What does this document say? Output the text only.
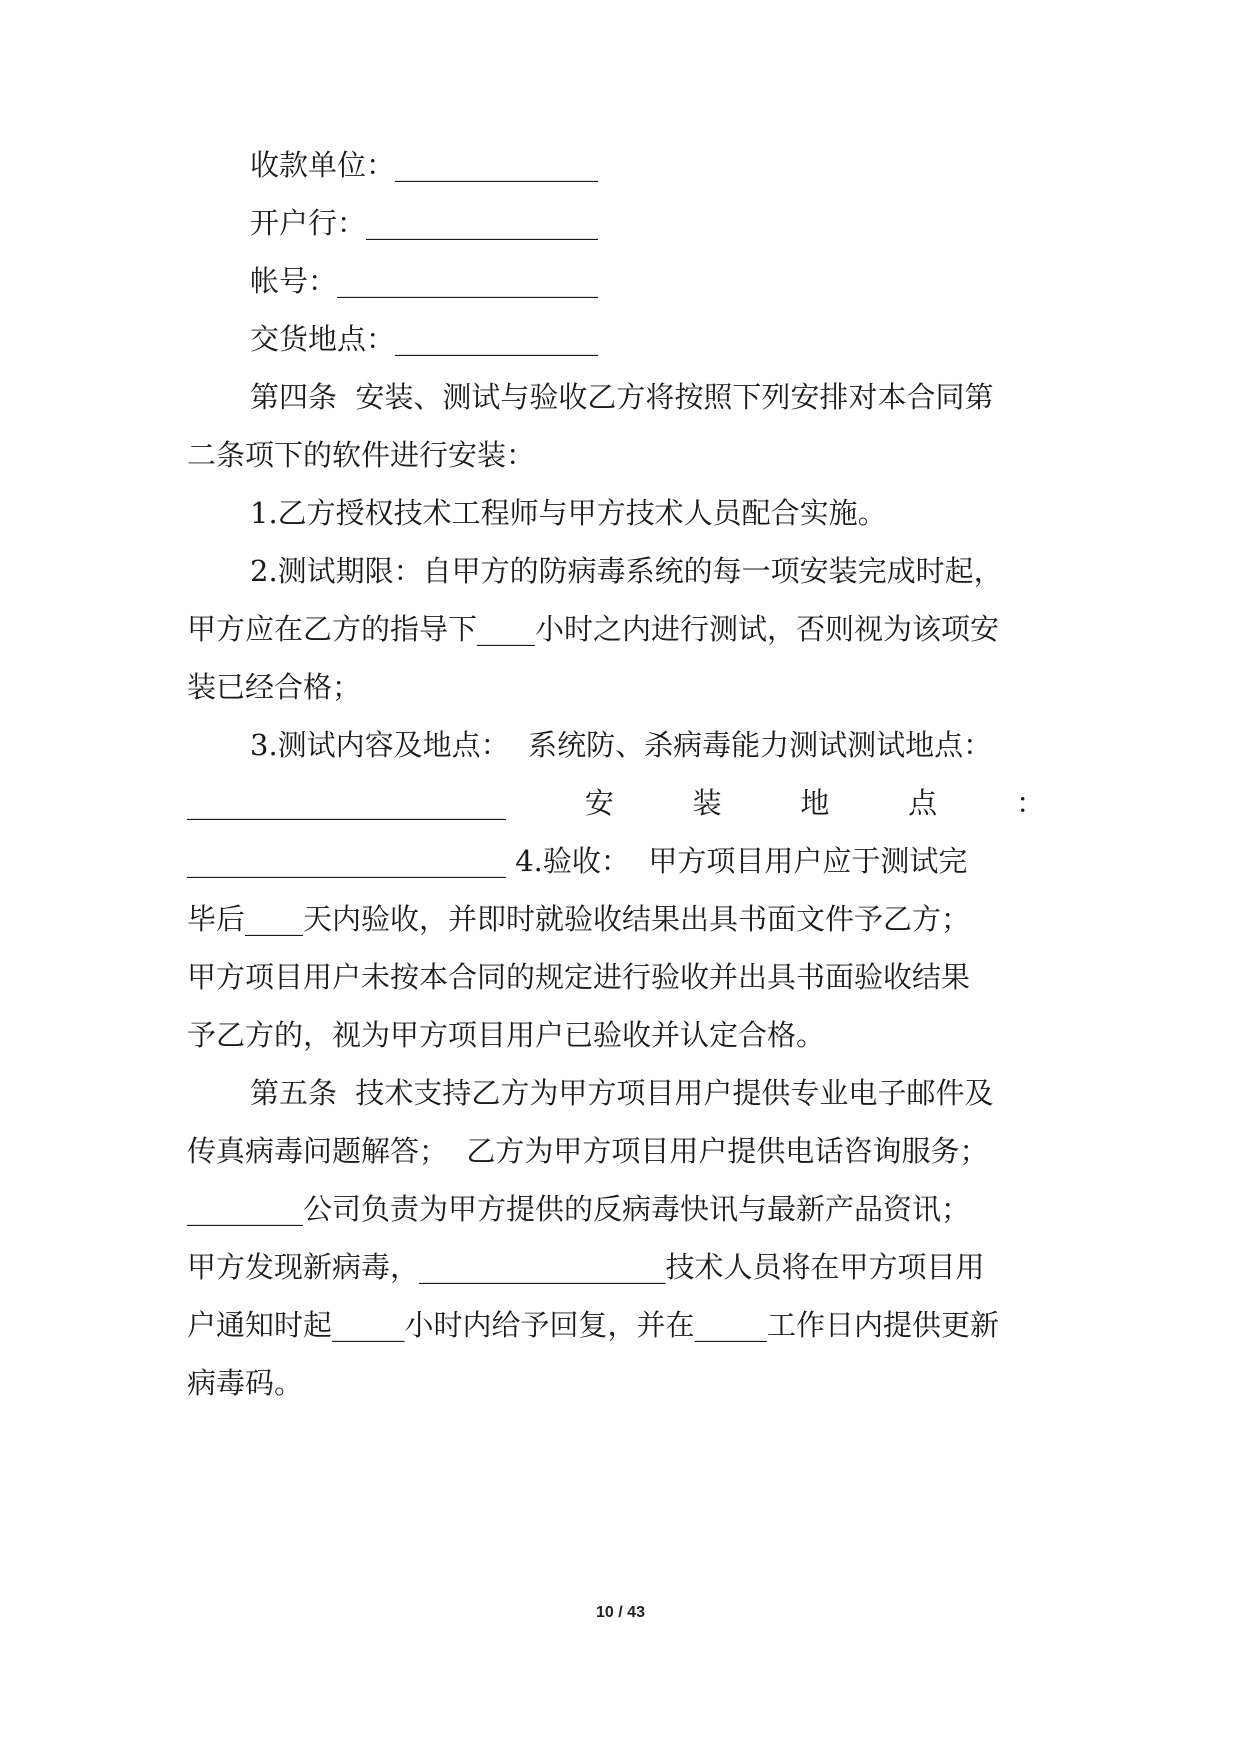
收款单位：______________
开户行：________________
帐号：__________________
交货地点：______________
第四条  安装、测试与验收乙方将按照下列安排对本合同第
二条项下的软件进行安装：
1.乙方授权技术工程师与甲方技术人员配合实施。
2.测试期限：自甲方的防病毒系统的每一项安装完成时起，
甲方应在乙方的指导下____小时之内进行测试，否则视为该项安
装已经合格；
3.测试内容及地点：  系统防、杀病毒能力测试测试地点：
______________________	安	装	地	点	：
______________________ 4.验收：  甲方项目用户应于测试完
毕后____天内验收，并即时就验收结果出具书面文件予乙方；
甲方项目用户未按本合同的规定进行验收并出具书面验收结果
予乙方的，视为甲方项目用户已验收并认定合格。
第五条  技术支持乙方为甲方项目用户提供专业电子邮件及
传真病毒问题解答；  乙方为甲方项目用户提供电话咨询服务；
________公司负责为甲方提供的反病毒快讯与最新产品资讯；
甲方发现新病毒，_________________技术人员将在甲方项目用
户通知时起_____小时内给予回复，并在_____工作日内提供更新
病毒码。
10 / 43
